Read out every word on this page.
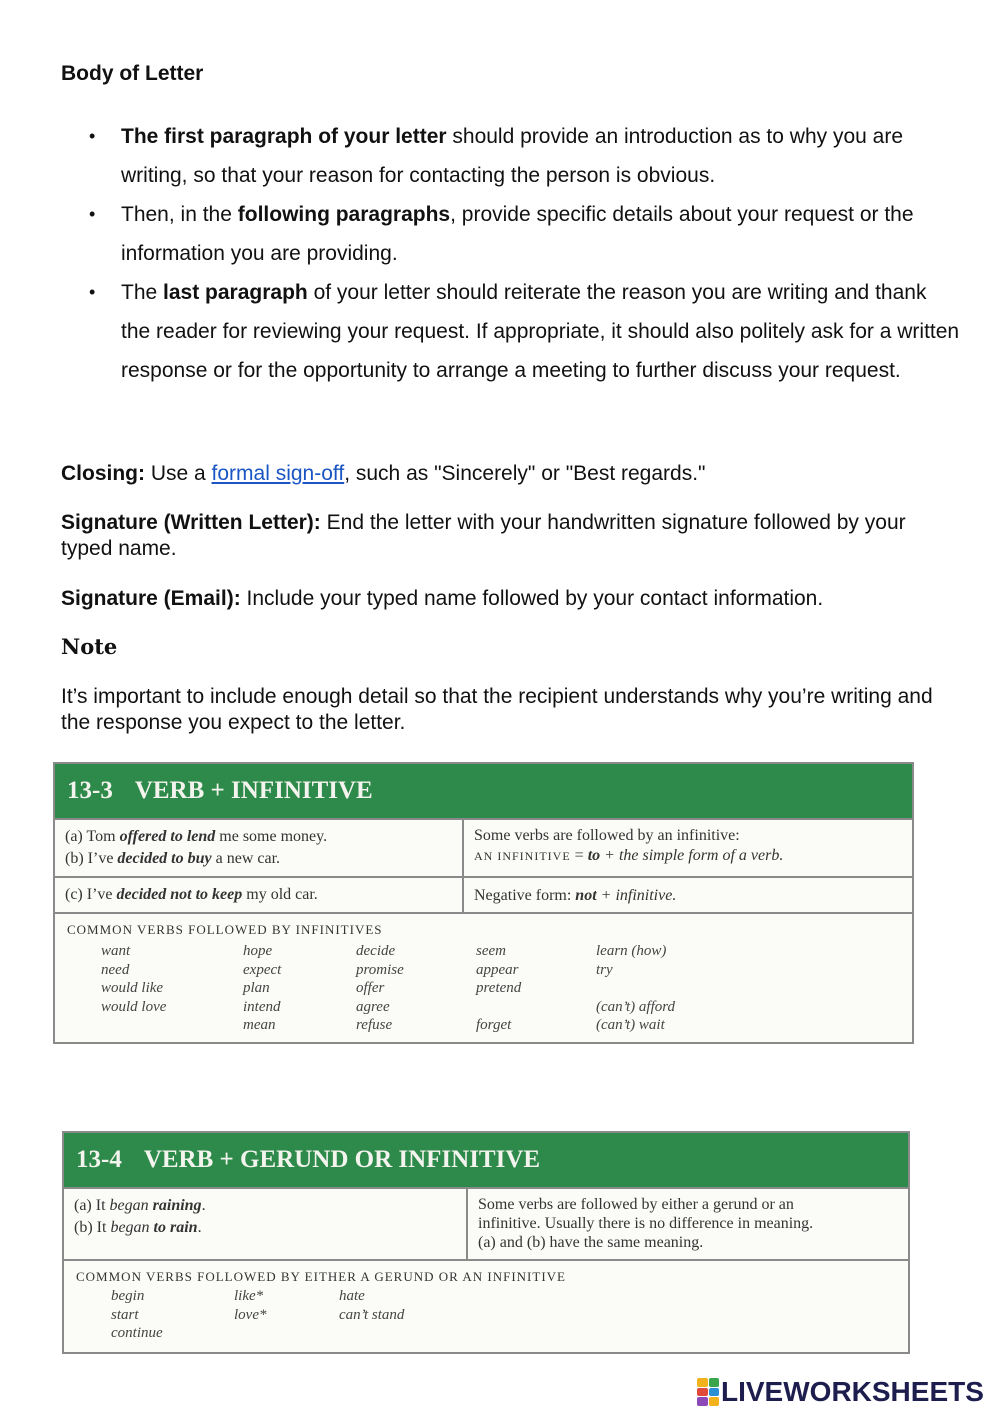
Body of Letter
• The first paragraph of your letter should provide an introduction as to why you are writing, so that your reason for contacting the person is obvious.
• Then, in the following paragraphs, provide specific details about your request or the information you are providing.
• The last paragraph of your letter should reiterate the reason you are writing and thank the reader for reviewing your request. If appropriate, it should also politely ask for a written response or for the opportunity to arrange a meeting to further discuss your request.
Closing: Use a formal sign-off, such as "Sincerely" or "Best regards."
Signature (Written Letter): End the letter with your handwritten signature followed by your typed name.
Signature (Email): Include your typed name followed by your contact information.
Note
It’s important to include enough detail so that the recipient understands why you’re writing and the response you expect to the letter.
13-3 VERB + INFINITIVE
(a) Tom offered to lend me some money.
(b) I’ve decided to buy a new car.
Some verbs are followed by an infinitive:
AN INFINITIVE = to + the simple form of a verb.
(c) I’ve decided not to keep my old car.	Negative form: not + infinitive.
COMMON VERBS FOLLOWED BY INFINITIVES
want
need
would like
would love
hope
expect
plan
intend
mean
decide
promise
offer
agree
refuse
seem
appear
pretend
forget
learn (how)
try
(can’t) afford
(can’t) wait
13-4 VERB + GERUND OR INFINITIVE
(a) It began raining.
(b) It began to rain.
Some verbs are followed by either a gerund or an
infinitive. Usually there is no difference in meaning.
(a) and (b) have the same meaning.
COMMON VERBS FOLLOWED BY EITHER A GERUND OR AN INFINITIVE
begin
start
continue
like*
love*
hate
can’t stand
LIVEWORKSHEETS
